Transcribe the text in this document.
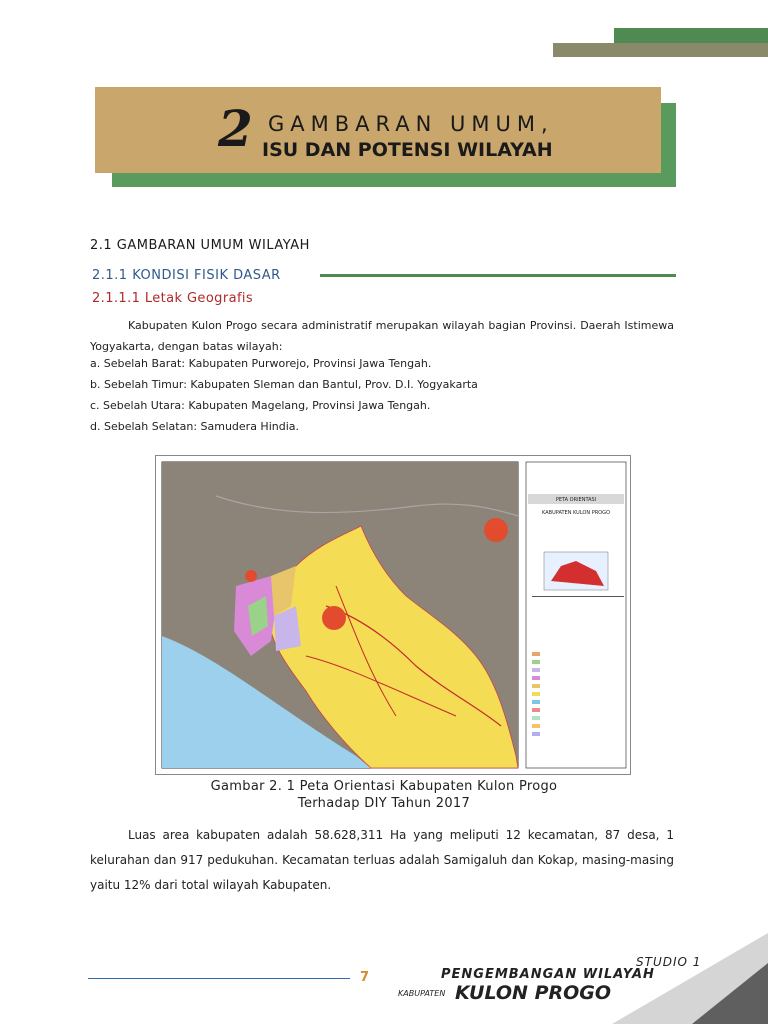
2 GAMBARAN UMUM,
ISU DAN POTENSI WILAYAH
2.1 GAMBARAN UMUM WILAYAH
2.1.1 KONDISI FISIK DASAR
2.1.1.1 Letak Geografis
Kabupaten Kulon Progo secara administratif merupakan wilayah bagian Provinsi. Daerah Istimewa Yogyakarta, dengan batas wilayah:
a. Sebelah Barat: Kabupaten Purworejo, Provinsi Jawa Tengah.
b. Sebelah Timur: Kabupaten Sleman dan Bantul, Prov. D.I. Yogyakarta
c. Sebelah Utara: Kabupaten Magelang, Provinsi Jawa Tengah.
d. Sebelah Selatan: Samudera Hindia.
PETA ORIENTASI
KABUPATEN KULON PROGO
Gambar 2. 1 Peta Orientasi Kabupaten Kulon Progo
Terhadap DIY Tahun 2017
Luas area kabupaten adalah 58.628,311 Ha yang meliputi 12 kecamatan, 87 desa, 1 kelurahan dan 917 pedukuhan. Kecamatan terluas adalah Samigaluh dan Kokap, masing-masing yaitu 12% dari total wilayah Kabupaten.
7
STUDIO 1
PENGEMBANGAN WILAYAH
KABUPATEN KULON PROGO
